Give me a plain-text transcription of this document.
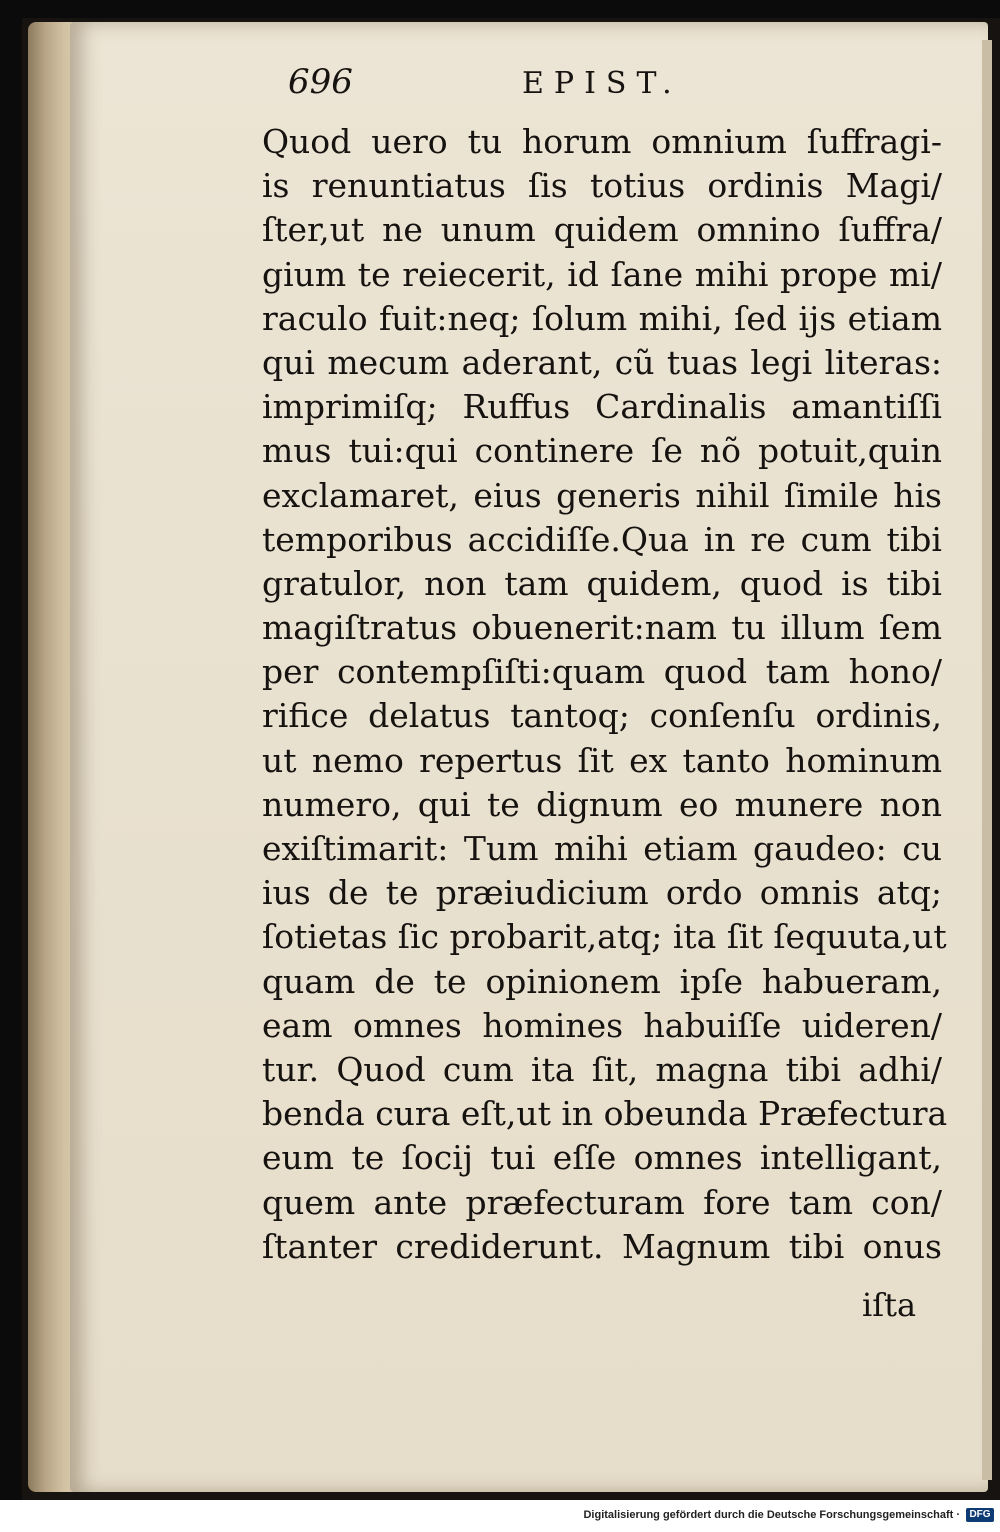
696	EPIST.
Quod uero tu horum omnium ſuffragi-
is renuntiatus ſis totius ordinis Magi/
ſter,ut ne unum quidem omnino ſuffra/
gium te reiecerit, id ſane mihi prope mi/
raculo fuit:neq; ſolum mihi, ſed ijs etiam
qui mecum aderant, cũ tuas legi literas:
imprimiſq; Ruffus Cardinalis amantiſſi
mus tui:qui continere ſe nõ potuit,quin
exclamaret, eius generis nihil ſimile his
temporibus accidiſſe.Qua in re cum tibi
gratulor, non tam quidem, quod is tibi
magiſtratus obuenerit:nam tu illum ſem
per contempſiſti:quam quod tam hono/
rifice delatus tantoq; conſenſu ordinis,
ut nemo repertus ſit ex tanto hominum
numero, qui te dignum eo munere non
exiſtimarit: Tum mihi etiam gaudeo: cu
ius de te præiudicium ordo omnis atq;
ſotietas ſic probarit,atq; ita ſit ſequuta,ut
quam de te opinionem ipſe habueram,
eam omnes homines habuiſſe uideren/
tur. Quod cum ita ſit, magna tibi adhi/
benda cura eſt,ut in obeunda Præfectura
eum te ſocij tui eſſe omnes intelligant,
quem ante præfecturam fore tam con/
ſtanter crediderunt. Magnum tibi onus
iſta
Digitalisierung gefördert durch die Deutsche Forschungsgemeinschaft · DFG
